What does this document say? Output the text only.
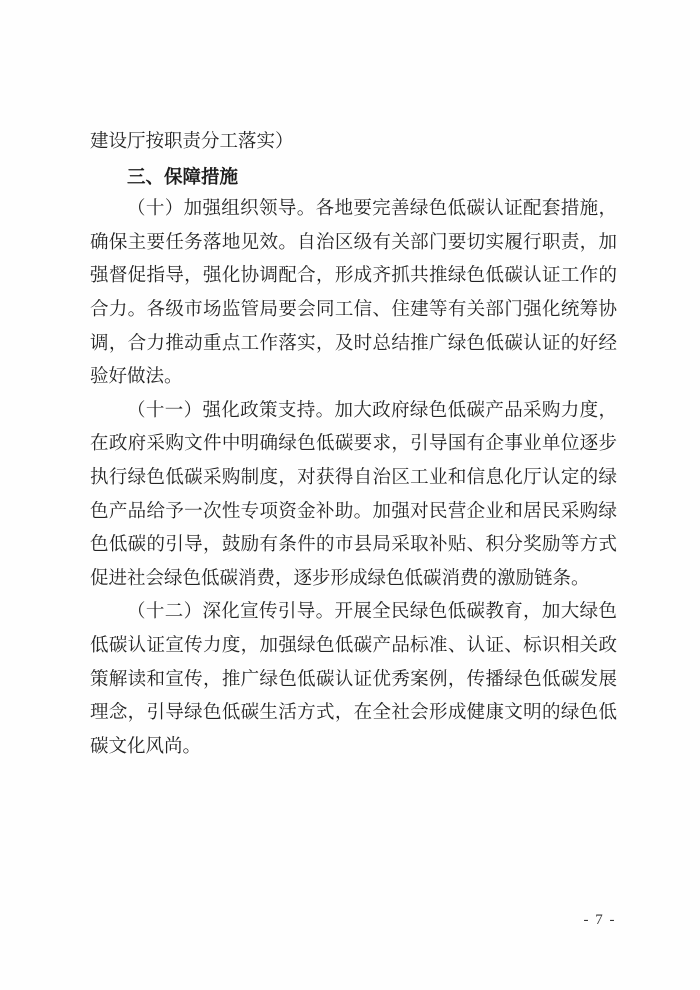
建设厅按职责分工落实）
三、保障措施
（十）加强组织领导。各地要完善绿色低碳认证配套措施，
确保主要任务落地见效。自治区级有关部门要切实履行职责，加
强督促指导，强化协调配合，形成齐抓共推绿色低碳认证工作的
合力。各级市场监管局要会同工信、住建等有关部门强化统筹协
调，合力推动重点工作落实，及时总结推广绿色低碳认证的好经
验好做法。
（十一）强化政策支持。加大政府绿色低碳产品采购力度，
在政府采购文件中明确绿色低碳要求，引导国有企事业单位逐步
执行绿色低碳采购制度，对获得自治区工业和信息化厅认定的绿
色产品给予一次性专项资金补助。加强对民营企业和居民采购绿
色低碳的引导，鼓励有条件的市县局采取补贴、积分奖励等方式
促进社会绿色低碳消费，逐步形成绿色低碳消费的激励链条。
（十二）深化宣传引导。开展全民绿色低碳教育，加大绿色
低碳认证宣传力度，加强绿色低碳产品标准、认证、标识相关政
策解读和宣传，推广绿色低碳认证优秀案例，传播绿色低碳发展
理念，引导绿色低碳生活方式，在全社会形成健康文明的绿色低
碳文化风尚。
- 7 -
